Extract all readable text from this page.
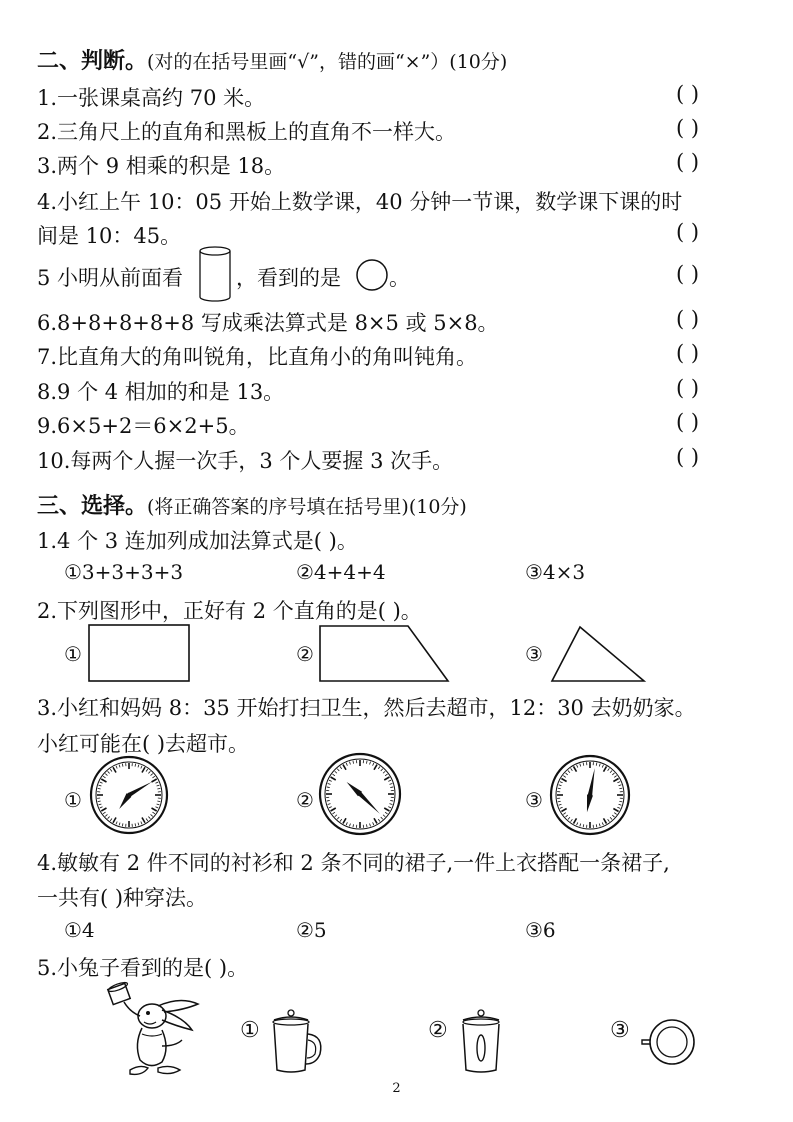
二、判断。(对的在括号里画“√”，错的画“×”）(10分)
1.一张课桌高约 70 米。	( )
2.三角尺上的直角和黑板上的直角不一样大。	( )
3.两个 9 相乘的积是 18。	( )
4.小红上午 10：05 开始上数学课，40 分钟一节课，数学课下课的时
间是 10：45。	( )
5 小明从前面看	，看到的是 。	( )
6.8+8+8+8+8 写成乘法算式是 8×5 或 5×8。	( )
7.比直角大的角叫锐角，比直角小的角叫钝角。	( )
8.9 个 4 相加的和是 13。	( )
9.6×5+2＝6×2+5。	( )
10.每两个人握一次手，3 个人要握 3 次手。	( )
三、选择。(将正确答案的序号填在括号里)(10分)
1.4 个 3 连加列成加法算式是( )。
①3+3+3+3	②4+4+4	③4×3
2.下列图形中，正好有 2 个直角的是( )。
①	②	③
3.小红和妈妈 8：35 开始打扫卫生，然后去超市，12：30 去奶奶家。
小红可能在( )去超市。
①	②	③
4.敏敏有 2 件不同的衬衫和 2 条不同的裙子,一件上衣搭配一条裙子,
一共有( )种穿法。
①4	②5	③6
5.小兔子看到的是( )。
①	②	③
2
